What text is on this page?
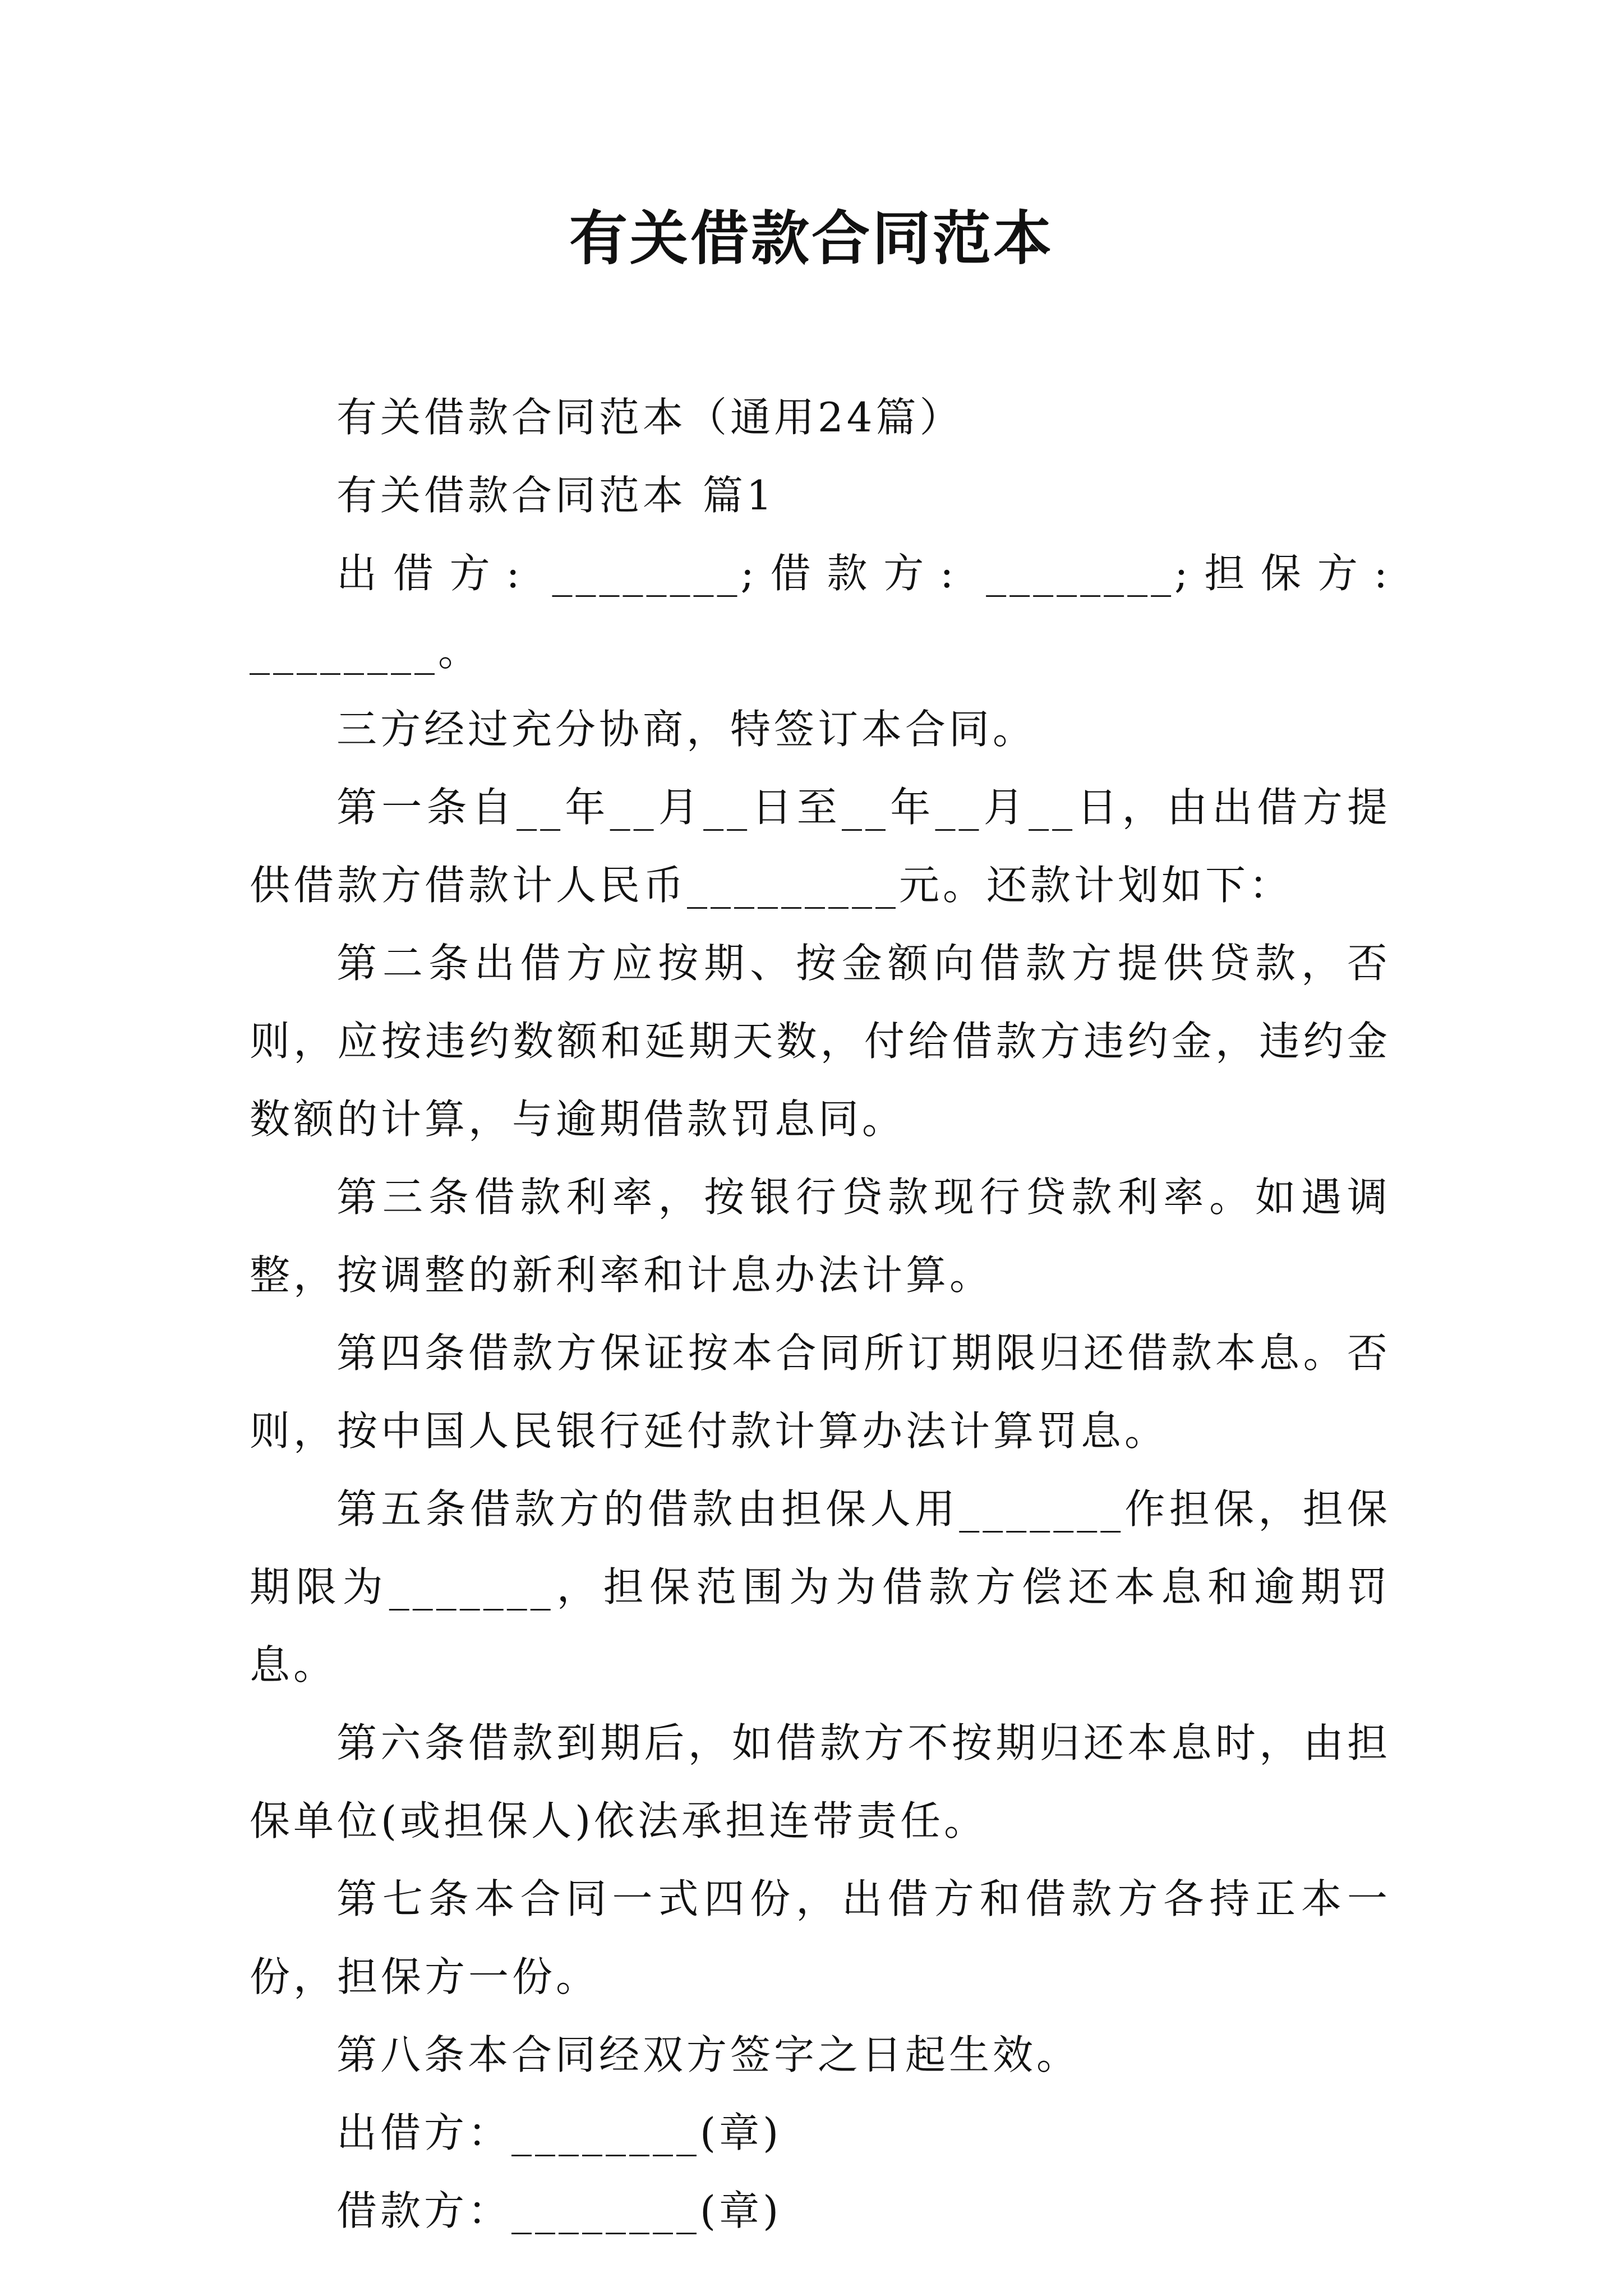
有关借款合同范本

有关借款合同范本（通用24篇）

有关借款合同范本 篇1

出借方: ________;借款方: ________;担保方: ________。

三方经过充分协商，特签订本合同。

第一条自__年__月__日至__年__月__日，由出借方提供借款方借款计人民币_________元。还款计划如下：

第二条出借方应按期、按金额向借款方提供贷款，否则，应按违约数额和延期天数，付给借款方违约金，违约金数额的计算，与逾期借款罚息同。

第三条借款利率，按银行贷款现行贷款利率。如遇调整，按调整的新利率和计息办法计算。

第四条借款方保证按本合同所订期限归还借款本息。否则，按中国人民银行延付款计算办法计算罚息。

第五条借款方的借款由担保人用_______作担保，担保期限为_______，担保范围为为借款方偿还本息和逾期罚息。

第六条借款到期后，如借款方不按期归还本息时，由担保单位(或担保人)依法承担连带责任。

第七条本合同一式四份，出借方和借款方各持正本一份，担保方一份。

第八条本合同经双方签字之日起生效。

出借方：________(章)

借款方：________(章)
